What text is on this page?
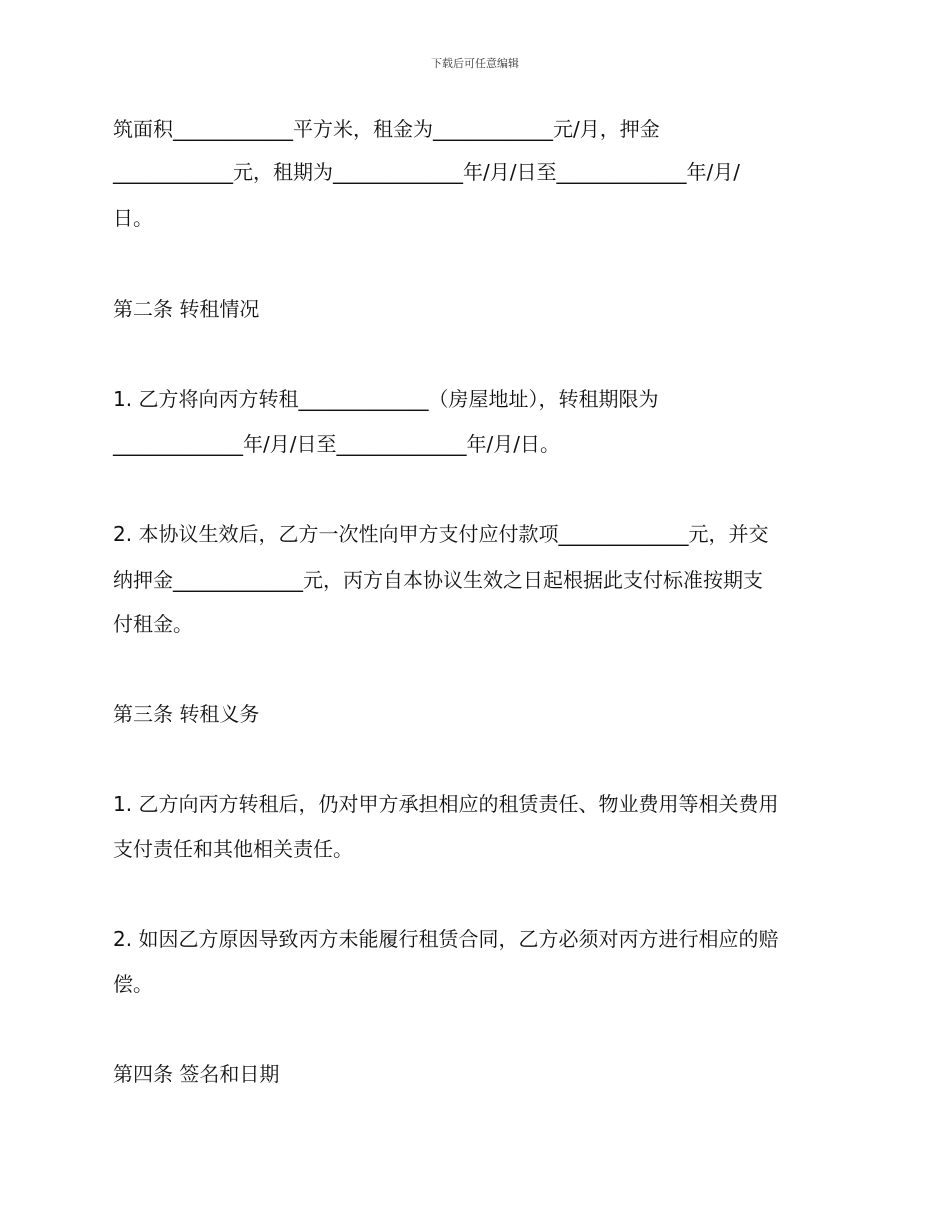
下载后可任意编辑
筑面积____________平方米，租金为____________元/月，押金
____________元，租期为_____________年/月/日至_____________年/月/
日。
第二条 转租情况
1. 乙方将向丙方转租_____________（房屋地址），转租期限为
_____________年/月/日至_____________年/月/日。
2. 本协议生效后，乙方一次性向甲方支付应付款项_____________元，并交
纳押金_____________元，丙方自本协议生效之日起根据此支付标准按期支
付租金。
第三条 转租义务
1. 乙方向丙方转租后，仍对甲方承担相应的租赁责任、物业费用等相关费用
支付责任和其他相关责任。
2. 如因乙方原因导致丙方未能履行租赁合同，乙方必须对丙方进行相应的赔
偿。
第四条 签名和日期
